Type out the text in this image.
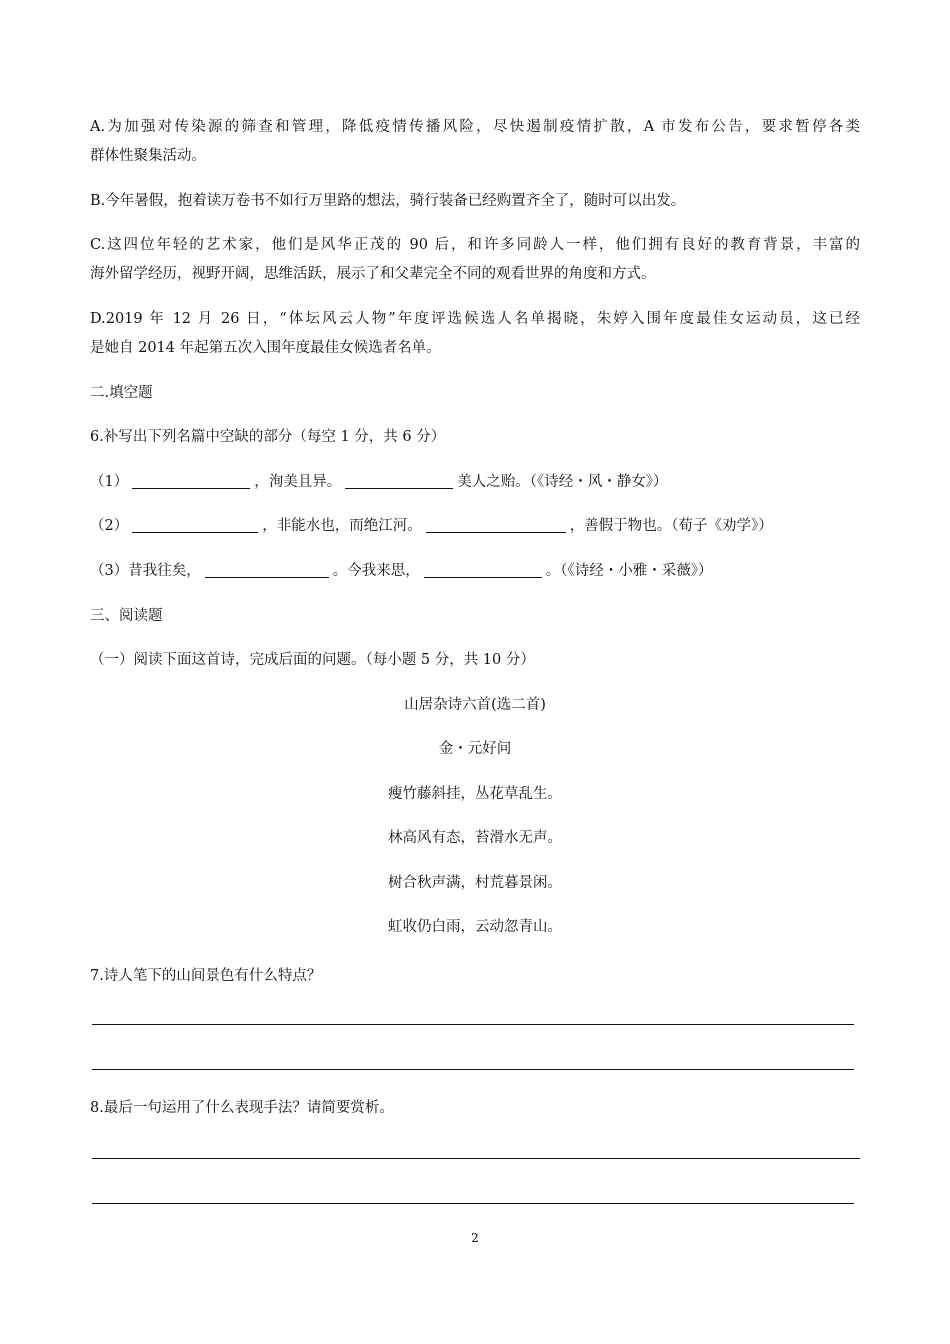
A.为加强对传染源的筛查和管理，降低疫情传播风险，尽快遏制疫情扩散，A 市发布公告，要求暂停各类
群体性聚集活动。
B.今年暑假，抱着读万卷书不如行万里路的想法，骑行装备已经购置齐全了，随时可以出发。
C.这四位年轻的艺术家，他们是风华正茂的 90 后，和许多同龄人一样，他们拥有良好的教育背景，丰富的
海外留学经历，视野开阔，思维活跃，展示了和父辈完全不同的观看世界的角度和方式。
D.2019 年 12 月 26 日，“体坛风云人物”年度评选候选人名单揭晓，朱婷入围年度最佳女运动员，这已经
是她自 2014 年起第五次入围年度最佳女候选者名单。
二.填空题
6.补写出下列名篇中空缺的部分（每空 1 分，共 6 分）
（1）	，洵美且异。	美人之贻。（《诗经・风・静女》）
（2）	，非能水也，而绝江河。	，善假于物也。（荀子《劝学》）
（3）昔我往矣，	。今我来思，	。（《诗经・小雅・采薇》）
三、阅读题
（一）阅读下面这首诗，完成后面的问题。（每小题 5 分，共 10 分）
山居杂诗六首(选二首)
金・元好问
瘦竹藤斜挂，丛花草乱生。
林高风有态，苔滑水无声。
树合秋声满，村荒暮景闲。
虹收仍白雨，云动忽青山。
7.诗人笔下的山间景色有什么特点？
8.最后一句运用了什么表现手法？请简要赏析。
2
